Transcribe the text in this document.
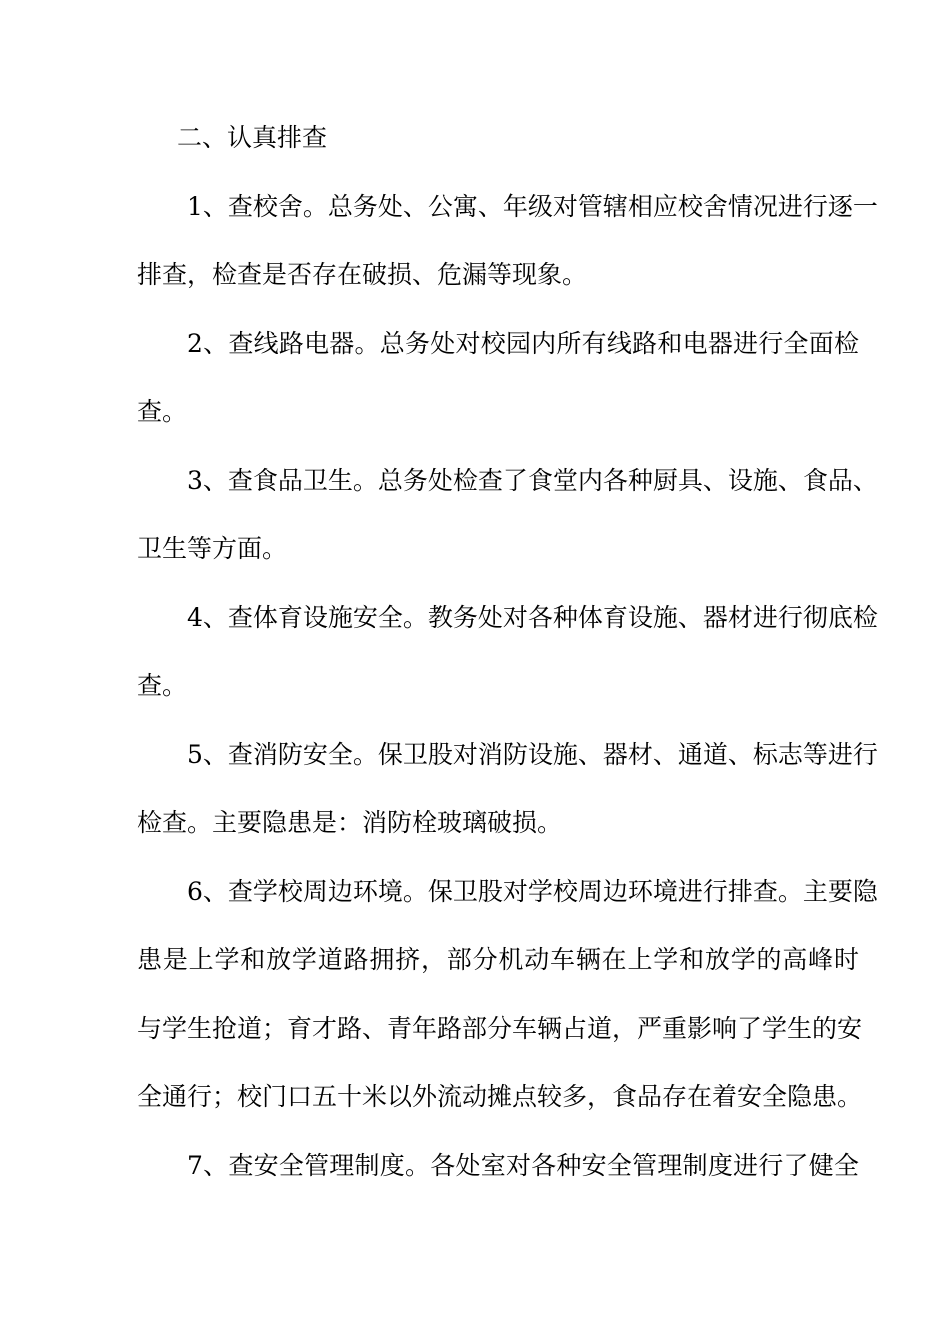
二、认真排查
1、查校舍。总务处、公寓、年级对管辖相应校舍情况进行逐一
排查，检查是否存在破损、危漏等现象。
2、查线路电器。总务处对校园内所有线路和电器进行全面检
查。
3、查食品卫生。总务处检查了食堂内各种厨具、设施、食品、
卫生等方面。
4、查体育设施安全。教务处对各种体育设施、器材进行彻底检
查。
5、查消防安全。保卫股对消防设施、器材、通道、标志等进行
检查。主要隐患是：消防栓玻璃破损。
6、查学校周边环境。保卫股对学校周边环境进行排查。主要隐
患是上学和放学道路拥挤，部分机动车辆在上学和放学的高峰时
与学生抢道；育才路、青年路部分车辆占道，严重影响了学生的安
全通行；校门口五十米以外流动摊点较多，食品存在着安全隐患。
7、查安全管理制度。各处室对各种安全管理制度进行了健全
